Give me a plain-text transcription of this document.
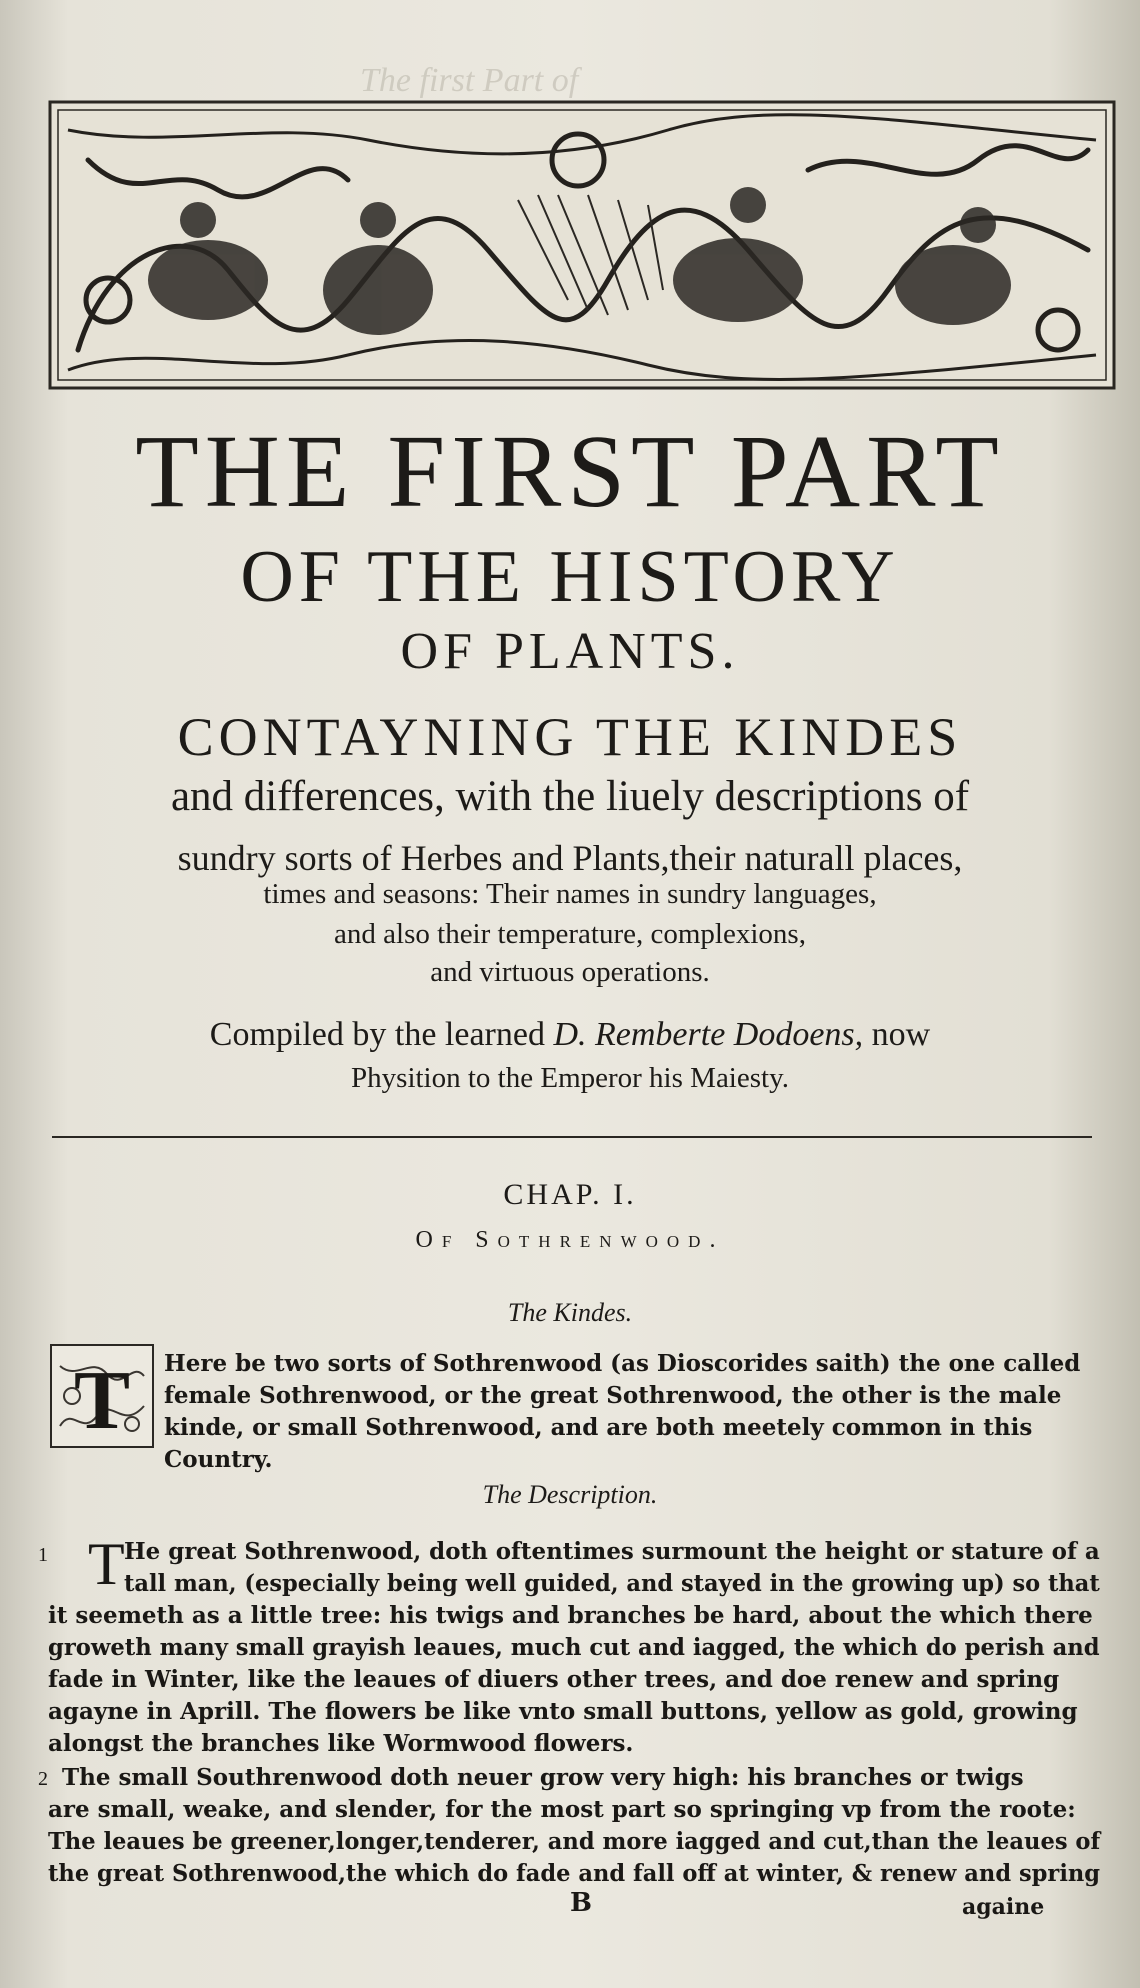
The first Part of
THE FIRST PART
OF THE HISTORY
OF PLANTS.
CONTAYNING THE KINDES
and differences, with the liuely descriptions of
sundry sorts of Herbes and Plants,their naturall places,
times and seasons: Their names in sundry languages,
and also their temperature, complexions,
and virtuous operations.
Compiled by the learned D. Remberte Dodoens, now
Physition to the Emperor his Maiesty.
CHAP. I.
Of Sothrenwood.
The Kindes.
T	Here be two sorts of Sothrenwood (as Dioscorides saith) the one called
female Sothrenwood, or the great Sothrenwood, the other is the male
kinde, or small Sothrenwood, and are both meetely common in this
Country.
The Description.
1 T He great Sothrenwood, doth oftentimes surmount the height or stature of a
tall man, (especially being well guided, and stayed in the growing up) so that
it seemeth as a little tree: his twigs and branches be hard, about the which there
groweth many small grayish leaues, much cut and iagged, the which do perish and
fade in Winter, like the leaues of diuers other trees, and doe renew and spring
agayne in Aprill. The flowers be like vnto small buttons, yellow as gold, growing
alongst the branches like Wormwood flowers.
2 The small Southrenwood doth neuer grow very high: his branches or twigs
are small, weake, and slender, for the most part so springing vp from the roote:
The leaues be greener,longer,tenderer, and more iagged and cut,than the leaues of
the great Sothrenwood,the which do fade and fall off at winter, & renew and spring
B	againe
